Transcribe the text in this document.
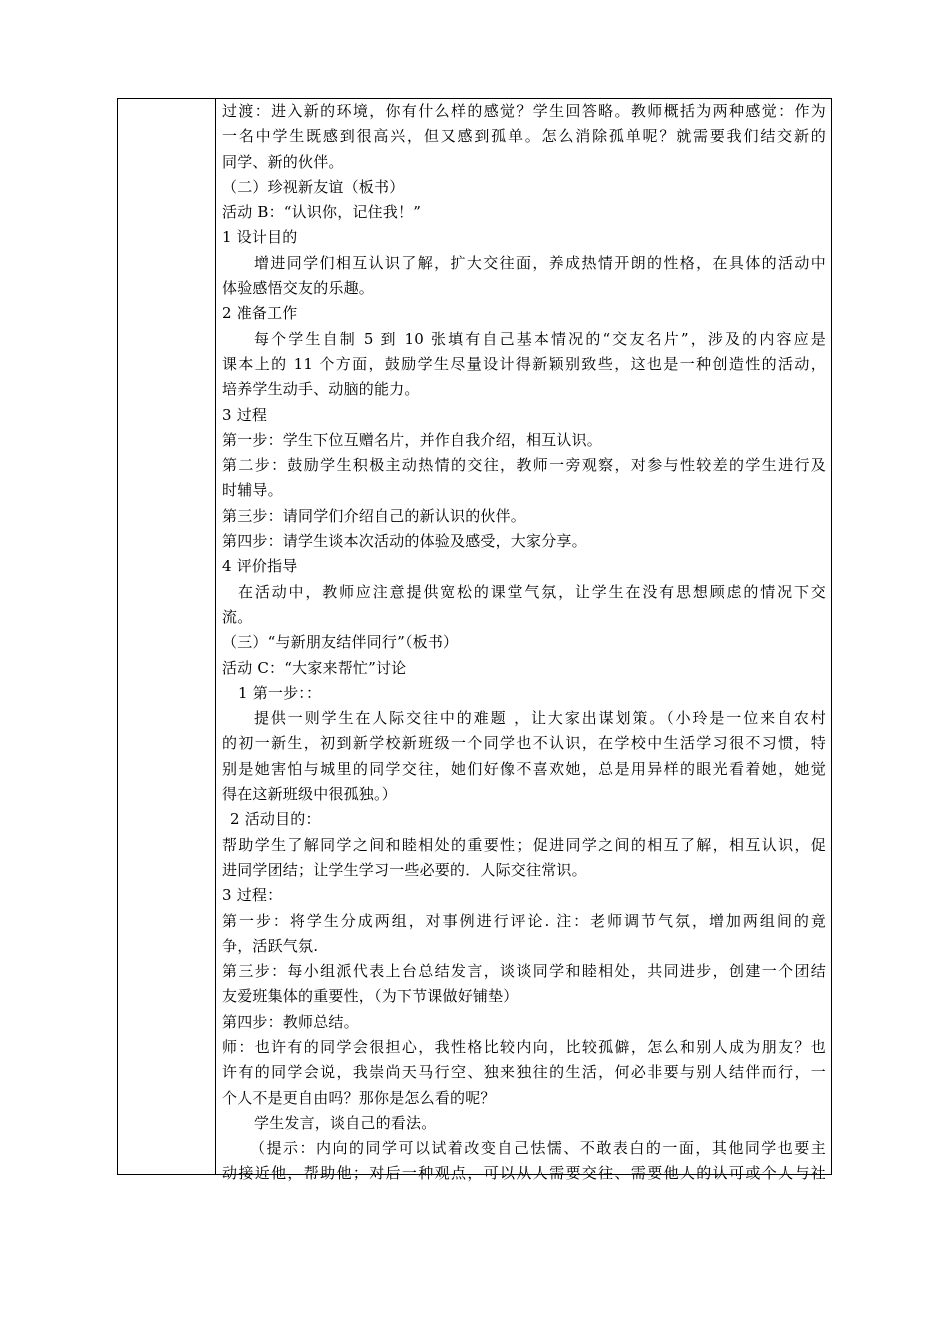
过渡：进入新的环境，你有什么样的感觉？学生回答略。教师概括为两种感觉：作为
一名中学生既感到很高兴，但又感到孤单。怎么消除孤单呢？就需要我们结交新的
同学、新的伙伴。
（二）珍视新友谊（板书）
活动 B：“认识你，记住我！”
1 设计目的
增进同学们相互认识了解，扩大交往面，养成热情开朗的性格，在具体的活动中
体验感悟交友的乐趣。
2 准备工作
每个学生自制 5 到 10 张填有自己基本情况的“交友名片”，涉及的内容应是
课本上的 11 个方面，鼓励学生尽量设计得新颖别致些，这也是一种创造性的活动，
培养学生动手、动脑的能力。
3 过程
第一步：学生下位互赠名片，并作自我介绍，相互认识。
第二步：鼓励学生积极主动热情的交往，教师一旁观察，对参与性较差的学生进行及
时辅导。
第三步：请同学们介绍自己的新认识的伙伴。
第四步：请学生谈本次活动的体验及感受，大家分享。
4 评价指导
在活动中，教师应注意提供宽松的课堂气氛，让学生在没有思想顾虑的情况下交
流。
（三）“与新朋友结伴同行”（板书）
活动 C：“大家来帮忙”讨论
1 第一步：：
提供一则学生在人际交往中的难题 ，让大家出谋划策。（小玲是一位来自农村
的初一新生，初到新学校新班级一个同学也不认识，在学校中生活学习很不习惯，特
别是她害怕与城里的同学交往，她们好像不喜欢她，总是用异样的眼光看着她，她觉
得在这新班级中很孤独。）
2 活动目的：
帮助学生了解同学之间和睦相处的重要性；促进同学之间的相互了解，相互认识，促
进同学团结；让学生学习一些必要的．人际交往常识。
3 过程：
第一步：将学生分成两组，对事例进行评论. 注：老师调节气氛，增加两组间的竟
争，活跃气氛.
第三步：每小组派代表上台总结发言，谈谈同学和睦相处，共同进步，创建一个团结
友爱班集体的重要性，（为下节课做好铺垫）
第四步：教师总结。
师：也许有的同学会很担心，我性格比较内向，比较孤僻，怎么和别人成为朋友？也
许有的同学会说，我崇尚天马行空、独来独往的生活，何必非要与别人结伴而行，一
个人不是更自由吗？那你是怎么看的呢？
学生发言，谈自己的看法。
（提示：内向的同学可以试着改变自己怯懦、不敢表白的一面，其他同学也要主
动接近他，帮助他；对后一种观点，可以从人需要交往、需要他人的认可或个人与社
